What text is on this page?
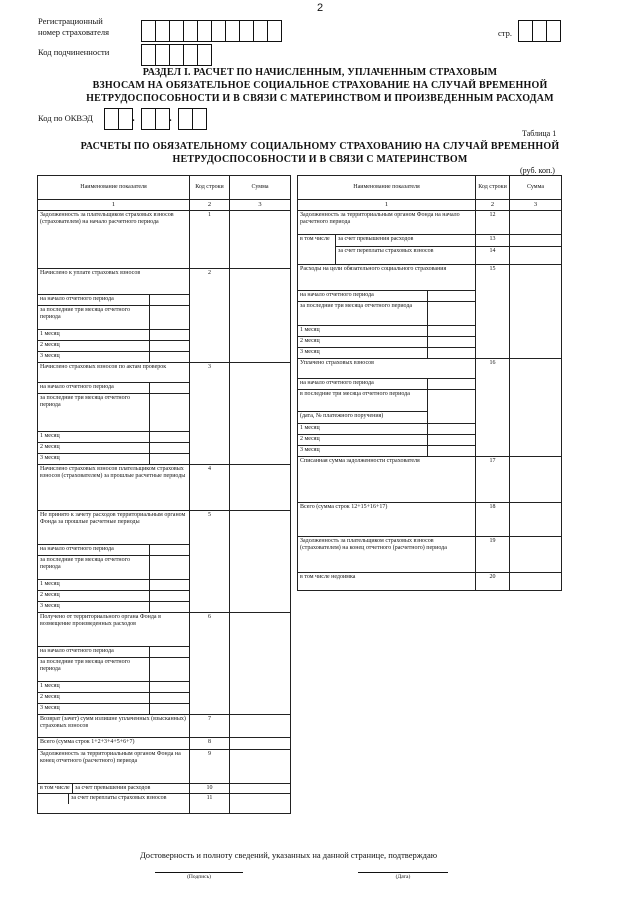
2
Регистрационный
номер страхователя	стр.
Код подчиненности
РАЗДЕЛ I. РАСЧЕТ ПО НАЧИСЛЕННЫМ, УПЛАЧЕННЫМ СТРАХОВЫМ
ВЗНОСАМ НА ОБЯЗАТЕЛЬНОЕ СОЦИАЛЬНОЕ СТРАХОВАНИЕ НА СЛУЧАЙ ВРЕМЕННОЙ
НЕТРУДОСПОСОБНОСТИ И В СВЯЗИ С МАТЕРИНСТВОМ И ПРОИЗВЕДЕННЫМ РАСХОДАМ
Код по ОКВЭД	.	.
Таблица 1
РАСЧЕТЫ ПО ОБЯЗАТЕЛЬНОМУ СОЦИАЛЬНОМУ СТРАХОВАНИЮ НА СЛУЧАЙ ВРЕМЕННОЙ
НЕТРУДОСПОСОБНОСТИ И В СВЯЗИ С МАТЕРИНСТВОМ
(руб. коп.)
Наименование показателя		Код строки	Сумма
1		2	3
Задолженность за плательщиком страховых взносов (страхователем) на начало расчетного периода		1	
Начислено к уплате страховых взносов		2	
на начало отчетного периода			
за последние три месяца отчетного периода			
1 месяц			
2 месяц			
3 месяц			
Начислено страховых взносов по актам проверок		3	
на начало отчетного периода			
за последние три месяца отчетного периода			
1 месяц			
2 месяц			
3 месяц			
Начислено страховых взносов плательщиком страховых взносов (страхователем) за прошлые расчетные периоды		4	
Не принято к зачету расходов территориальным органом Фонда за прошлые расчетные периоды		5	
на начало отчетного периода			
за последние три месяца отчетного периода			
1 месяц			
2 месяц			
3 месяц			
Получено от территориального органа Фонда в возмещение произведенных расходов		6	
на начало отчетного периода			
за последние три месяца отчетного периода			
1 месяц			
2 месяц			
3 месяц			
Возврат (зачет) сумм излишне уплаченных (взысканных) страховых взносов		7	
Всего (сумма строк 1+2+3+4+5+6+7)		8	
Задолженность за территориальным органом Фонда на конец отчетного (расчетного) периода		9	

в том числе за счет превышения расходов		10	

за счет переплаты страховых взносов		11	
Наименование показателя			Код строки	Сумма
1			2	3
Задолженность за территориальным органом Фонда на начало расчетного периода			12	
в том числе	за счет превышения расходов		13	
	за счет переплаты страховых взносов		14	
Расходы на цели обязательного социального страхования			15	
на начало отчетного периода				
за последние три месяца отчетного периода				
1 месяц				
2 месяц				
3 месяц				
Уплачено страховых взносов			16	
на начало отчетного периода				
в последние три месяца отчетного периода				
(дата, № платежного поручения)				
1 месяц				
2 месяц				
3 месяц				
Списанная сумма задолженности страхователя			17	
Всего (сумма строк 12+15+16+17)			18	
Задолженность за плательщиком страховых взносов (страхователем) на конец отчетного (расчетного) периода			19	
в том числе недоимка			20	
Достоверность и полноту сведений, указанных на данной странице, подтверждаю
(Подпись)	(Дата)
